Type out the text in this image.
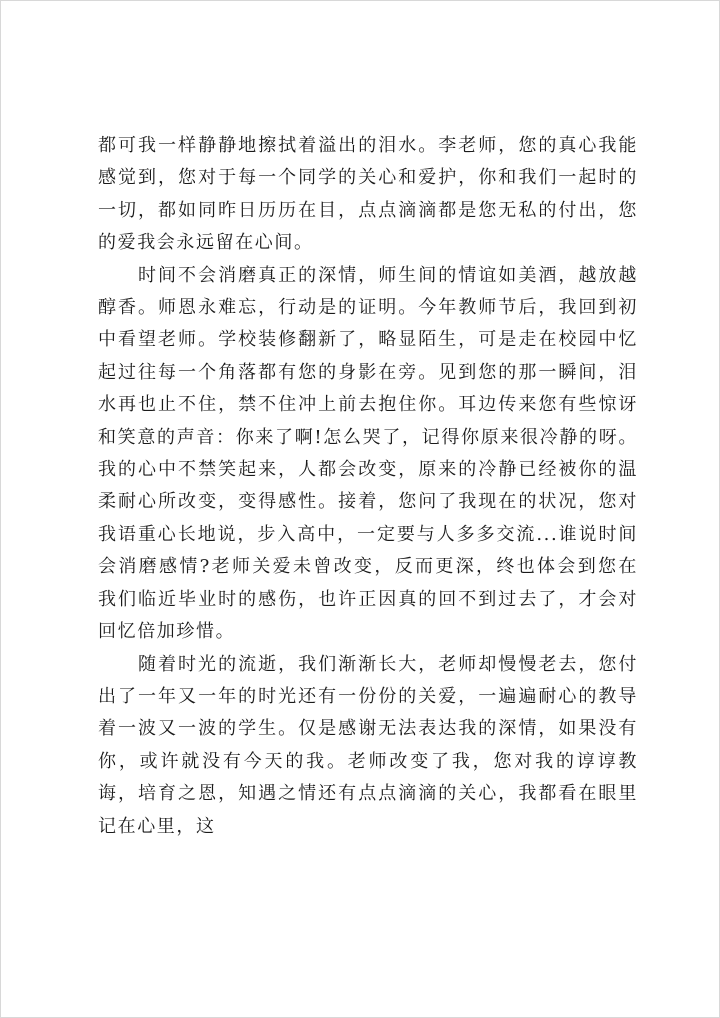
都可我一样静静地擦拭着溢出的泪水。李老师，您的真心我能感觉到，您对于每一个同学的关心和爱护，你和我们一起时的一切，都如同昨日历历在目，点点滴滴都是您无私的付出，您的爱我会永远留在心间。

时间不会消磨真正的深情，师生间的情谊如美酒，越放越醇香。师恩永难忘，行动是的证明。今年教师节后，我回到初中看望老师。学校装修翻新了，略显陌生，可是走在校园中忆起过往每一个角落都有您的身影在旁。见到您的那一瞬间，泪水再也止不住，禁不住冲上前去抱住你。耳边传来您有些惊讶和笑意的声音：你来了啊!怎么哭了，记得你原来很冷静的呀。我的心中不禁笑起来，人都会改变，原来的冷静已经被你的温柔耐心所改变，变得感性。接着，您问了我现在的状况，您对我语重心长地说，步入高中，一定要与人多多交流...谁说时间会消磨感情?老师关爱未曾改变，反而更深，终也体会到您在我们临近毕业时的感伤，也许正因真的回不到过去了，才会对回忆倍加珍惜。

随着时光的流逝，我们渐渐长大，老师却慢慢老去，您付出了一年又一年的时光还有一份份的关爱，一遍遍耐心的教导着一波又一波的学生。仅是感谢无法表达我的深情，如果没有你，或许就没有今天的我。老师改变了我，您对我的谆谆教诲，培育之恩，知遇之情还有点点滴滴的关心，我都看在眼里记在心里，这
